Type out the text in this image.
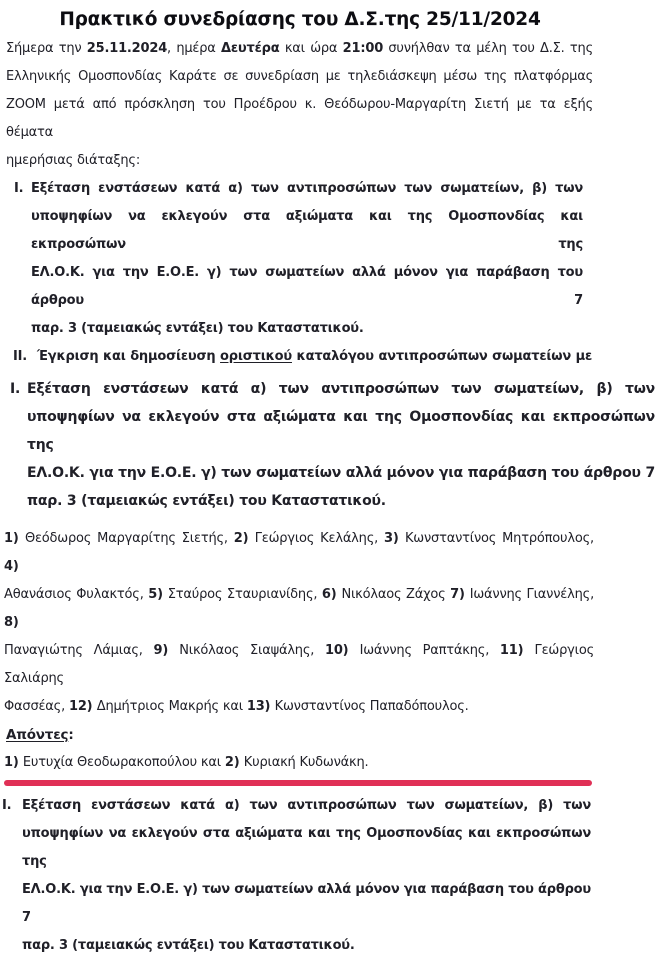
Πρακτικό συνεδρίασης του Δ.Σ.της 25/11/2024
Σήμερα την 25.11.2024, ημέρα Δευτέρα και ώρα 21:00 συνήλθαν τα μέλη του Δ.Σ. της
Ελληνικής Ομοσπονδίας Καράτε σε συνεδρίαση με τηλεδιάσκεψη μέσω της πλατφόρμας
ZOOM μετά από πρόσκληση του Προέδρου κ. Θεόδωρου-Μαργαρίτη Σιετή με τα εξής θέματα
ημερήσιας διάταξης:
I. Εξέταση ενστάσεων κατά α) των αντιπροσώπων των σωματείων, β) των
υποψηφίων να εκλεγούν στα αξιώματα και της Ομοσπονδίας και εκπροσώπων της
ΕΛ.Ο.Κ. για την Ε.Ο.Ε. γ) των σωματείων αλλά μόνον για παράβαση του άρθρου 7
παρ. 3 (ταμειακώς εντάξει) του Καταστατικού.
II. Έγκριση και δημοσίευση οριστικού καταλόγου αντιπροσώπων σωματείων με
I. Εξέταση ενστάσεων κατά α) των αντιπροσώπων των σωματείων, β) των
υποψηφίων να εκλεγούν στα αξιώματα και της Ομοσπονδίας και εκπροσώπων της
ΕΛ.Ο.Κ. για την Ε.Ο.Ε. γ) των σωματείων αλλά μόνον για παράβαση του άρθρου 7
παρ. 3 (ταμειακώς εντάξει) του Καταστατικού.
1) Θεόδωρος Μαργαρίτης Σιετής, 2) Γεώργιος Κελάλης, 3) Κωνσταντίνος Μητρόπουλος, 4)
Αθανάσιος Φυλακτός, 5) Σταύρος Σταυριανίδης, 6) Νικόλαος Ζάχος 7) Ιωάννης Γιαννέλης, 8)
Παναγιώτης Λάμιας, 9) Νικόλαος Σιαψάλης, 10) Ιωάννης Ραπτάκης, 11) Γεώργιος Σαλιάρης
Φασσέας, 12) Δημήτριος Μακρής και 13) Κωνσταντίνος Παπαδόπουλος.
Απόντες:
1) Ευτυχία Θεοδωρακοπούλου και 2) Κυριακή Κυδωνάκη.
I. Εξέταση ενστάσεων κατά α) των αντιπροσώπων των σωματείων, β) των
υποψηφίων να εκλεγούν στα αξιώματα και της Ομοσπονδίας και εκπροσώπων της
ΕΛ.Ο.Κ. για την Ε.Ο.Ε. γ) των σωματείων αλλά μόνον για παράβαση του άρθρου 7
παρ. 3 (ταμειακώς εντάξει) του Καταστατικού.
